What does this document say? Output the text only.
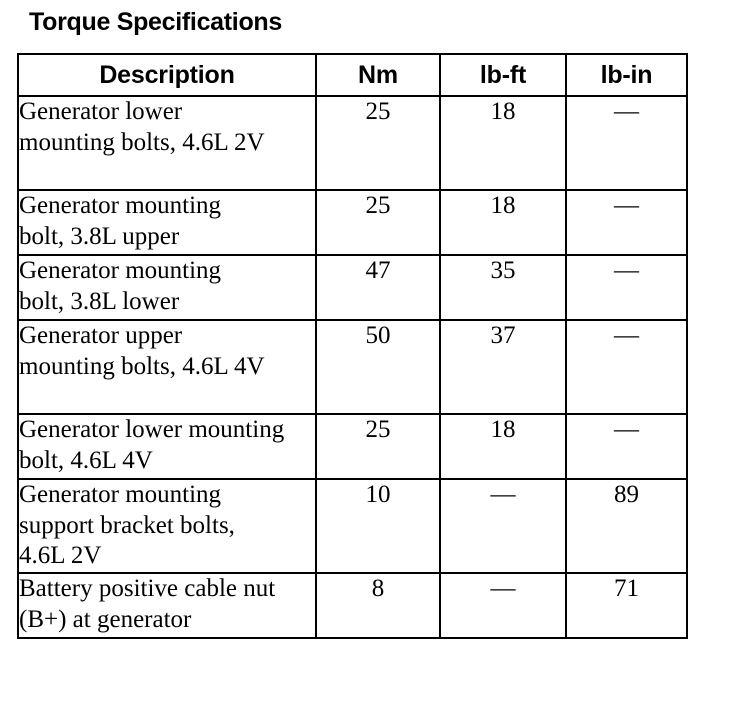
Torque Specifications
Description	Nm	lb-ft	lb-in

Generator lower mounting bolts, 4.6L 2V	25	18	—

Generator mounting bolt, 3.8L upper	25	18	—

Generator mounting bolt, 3.8L lower	47	35	—

Generator upper mounting bolts, 4.6L 4V	50	37	—

Generator lower mounting bolt, 4.6L 4V	25	18	—

Generator mounting support bracket bolts, 4.6L 2V	10	—	89

Battery positive cable nut (B+) at generator	8	—	71
